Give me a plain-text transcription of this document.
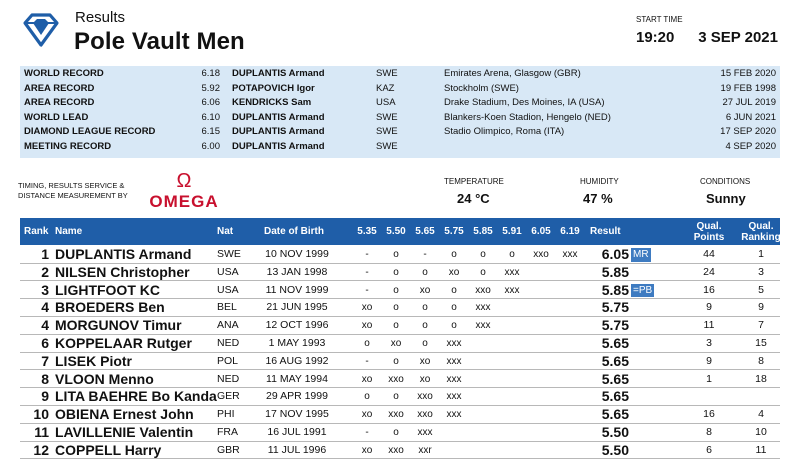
Results
Pole Vault Men
START TIME
19:20 3 SEP 2021
WORLD RECORD	6.18 DUPLANTIS Armand	SWE	Emirates Arena, Glasgow (GBR)	15 FEB 2020
AREA RECORD	5.92 POTAPOVICH Igor	KAZ	Stockholm (SWE)	19 FEB 1998
AREA RECORD	6.06 KENDRICKS Sam	USA	Drake Stadium, Des Moines, IA (USA)	27 JUL 2019
WORLD LEAD	6.10 DUPLANTIS Armand	SWE	Blankers-Koen Stadion, Hengelo (NED)	6 JUN 2021
DIAMOND LEAGUE RECORD	6.15 DUPLANTIS Armand	SWE	Stadio Olimpico, Roma (ITA)	17 SEP 2020
MEETING RECORD	6.00 DUPLANTIS Armand	SWE	4 SEP 2020
TIMING, RESULTS SERVICE &
DISTANCE MEASUREMENT BY
Ω
OMEGA
TEMPERATURE
24 °C
HUMIDITY
47 %
CONDITIONS
Sunny
Rank Name	Nat	Date of Birth	5.35 5.50 5.65 5.75 5.85 5.91 6.05 6.19	Result	Qual.
Points
Qual.
Ranking
1 DUPLANTIS Armand SWE	10 NOV 1999	-	o	-	o	o	o	xxo	xxx	6.05 MR	44	1
2 NILSEN Christopher	USA	13 JAN 1998	-	o	o	xo	o	xxx	5.85	24	3
3 LIGHTFOOT KC	USA	11 NOV 1999	-	o	xo	o	xxo	xxx	5.85 =PB	16	5
4 BROEDERS Ben	BEL	21 JUN 1995	xo	o	o	o	xxx	5.75	9	9
4 MORGUNOV Timur	ANA	12 OCT 1996	xo	o	o	o	xxx	5.75	11	7
6 KOPPELAAR Rutger NED	1 MAY 1993	o	xo	o	xxx	5.65	3	15
7 LISEK Piotr	POL	16 AUG 1992	-	o	xo	xxx	5.65	9	8
8 VLOON Menno	NED	11 MAY 1994	xo	xxo	xo	xxx	5.65	1	18
9 LITA BAEHRE Bo Kanda GER	29 APR 1999	o	o	xxo	xxx	5.65
10 OBIENA Ernest John PHI	17 NOV 1995	xo	xxo	xxo	xxx	5.65	16	4
11 LAVILLENIE Valentin FRA	16 JUL 1991	-	o	xxx	5.50	8	10
12 COPPELL Harry	GBR	11 JUL 1996	xo	xxo	xxr	5.50	6	11
